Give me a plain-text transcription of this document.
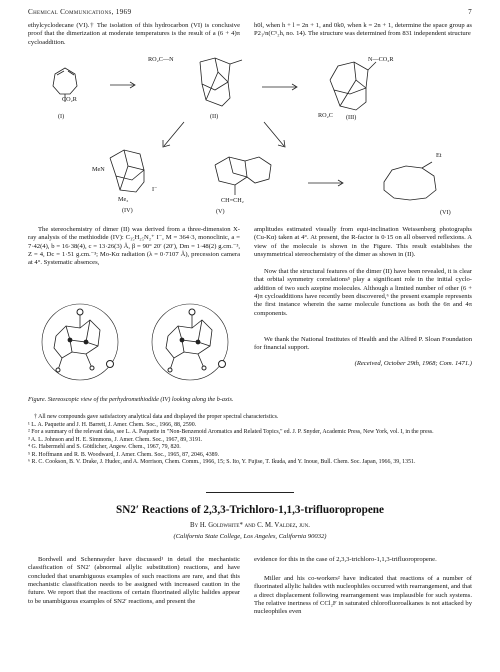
Chemical Communications, 1969	7
ethylcyclodecane (VI).† The isolation of this hydrocarbon (VI) is conclusive proof that the dimerization at moderate temperatures is the result of a (6 + 4)π cycloaddition.
h0l, when h + l = 2n + 1, and 0k0, when k = 2n + 1, determine the space group as P2₁/n(C⁵₂h, no. 14). The structure was determined from 831 independent structure
CO₂R
(I)
RO₂C—N
(II)
N—CO₂R
RO₂C (III)
MeN
Me₂
I⁻
(IV)
CH=CH₂
(V)
Et
(VI)
The stereochemistry of dimer (II) was derived from a three-dimension X-ray analysis of the methiodide (IV): C₁₅H₂₅N₂⁺ I⁻, M = 364·3, monoclinic, a = 7·42(4), b = 16·38(4), c = 13·26(3) Å, β = 90° 20′ (20′), Dm = 1·48(2) g.cm.⁻³, Z = 4, Dc = 1·51 g.cm.⁻³; Mo-Kα radiation (λ = 0·7107 Å), precession camera at 4°. Systematic absences,
Figure. Stereoscopic view of the perhydromethiodide (IV) looking along the b-axis.
amplitudes estimated visually from equi-inclination Weissenberg photographs (Cu-Kα) taken at 4°. At present, the R-factor is 0·15 on all observed reflexions. A view of the molecule is shown in the Figure. This result establishes the unsymmetrical stereochemistry of the dimer as shown in (II).
Now that the structural features of the dimer (II) have been revealed, it is clear that orbital symmetry correlations⁵ play a significant role in the initial cyclo-addition of two such azepine molecules. Although a limited number of other (6 + 4)π cycloadditions have recently been discovered,⁶ the present example represents the first instance wherein the same molecule functions as both the 6π and 4π components.
We thank the National Institutes of Health and the Alfred P. Sloan Foundation for financial support.
(Received, October 29th, 1968; Com. 1471.)
† All new compounds gave satisfactory analytical data and displayed the proper spectral characteristics.
¹ L. A. Paquette and J. H. Barrett, J. Amer. Chem. Soc., 1966, 88, 2590.
² For a summary of the relevant data, see L. A. Paquette in "Non-Benzenoid Aromatics and Related Topics," ed. J. P. Snyder, Academic Press, New York, vol. I, in the press.
³ A. L. Johnson and H. E. Simmons, J. Amer. Chem. Soc., 1967, 89, 3191.
⁴ G. Habermehl and S. Göttlicher, Angew. Chem., 1967, 79, 820.
⁵ R. Hoffmann and R. B. Woodward, J. Amer. Chem. Soc., 1965, 87, 2046, 4389.
⁶ R. C. Cookson, B. V. Drake, J. Hudec, and A. Morrison, Chem. Comm., 1966, 15; S. Ito, Y. Fujise, T. Ikuda, and Y. Inoue, Bull. Chem. Soc. Japan, 1966, 39, 1351.
SN2′ Reactions of 2,3,3-Trichloro-1,1,3-trifluoropropene
By H. Goldwhite* and C. M. Valdez, jun.
(California State College, Los Angeles, California 90032)
Bordwell and Schennayder have discussed¹ in detail the mechanistic classification of SN2′ (abnormal allylic substitution) reactions, and have concluded that unambiguous examples of such reactions are rare, and that this mechanistic classification needs to be assigned with increased caution in the future. We report that the reactions of certain fluorinated allylic halides appear to be unambiguous examples of SN2′ reactions, and present the
evidence for this in the case of 2,3,3-trichloro-1,1,3-trifluoropropene.
Miller and his co-workers² have indicated that reactions of a number of fluorinated allylic halides with nucleophiles occurred with rearrangement, and that a direct displacement following rearrangement was implausible for such systems. The relative inertness of CCl₂F in saturated chlorofluoroalkanes is not attacked by nucleophiles even
